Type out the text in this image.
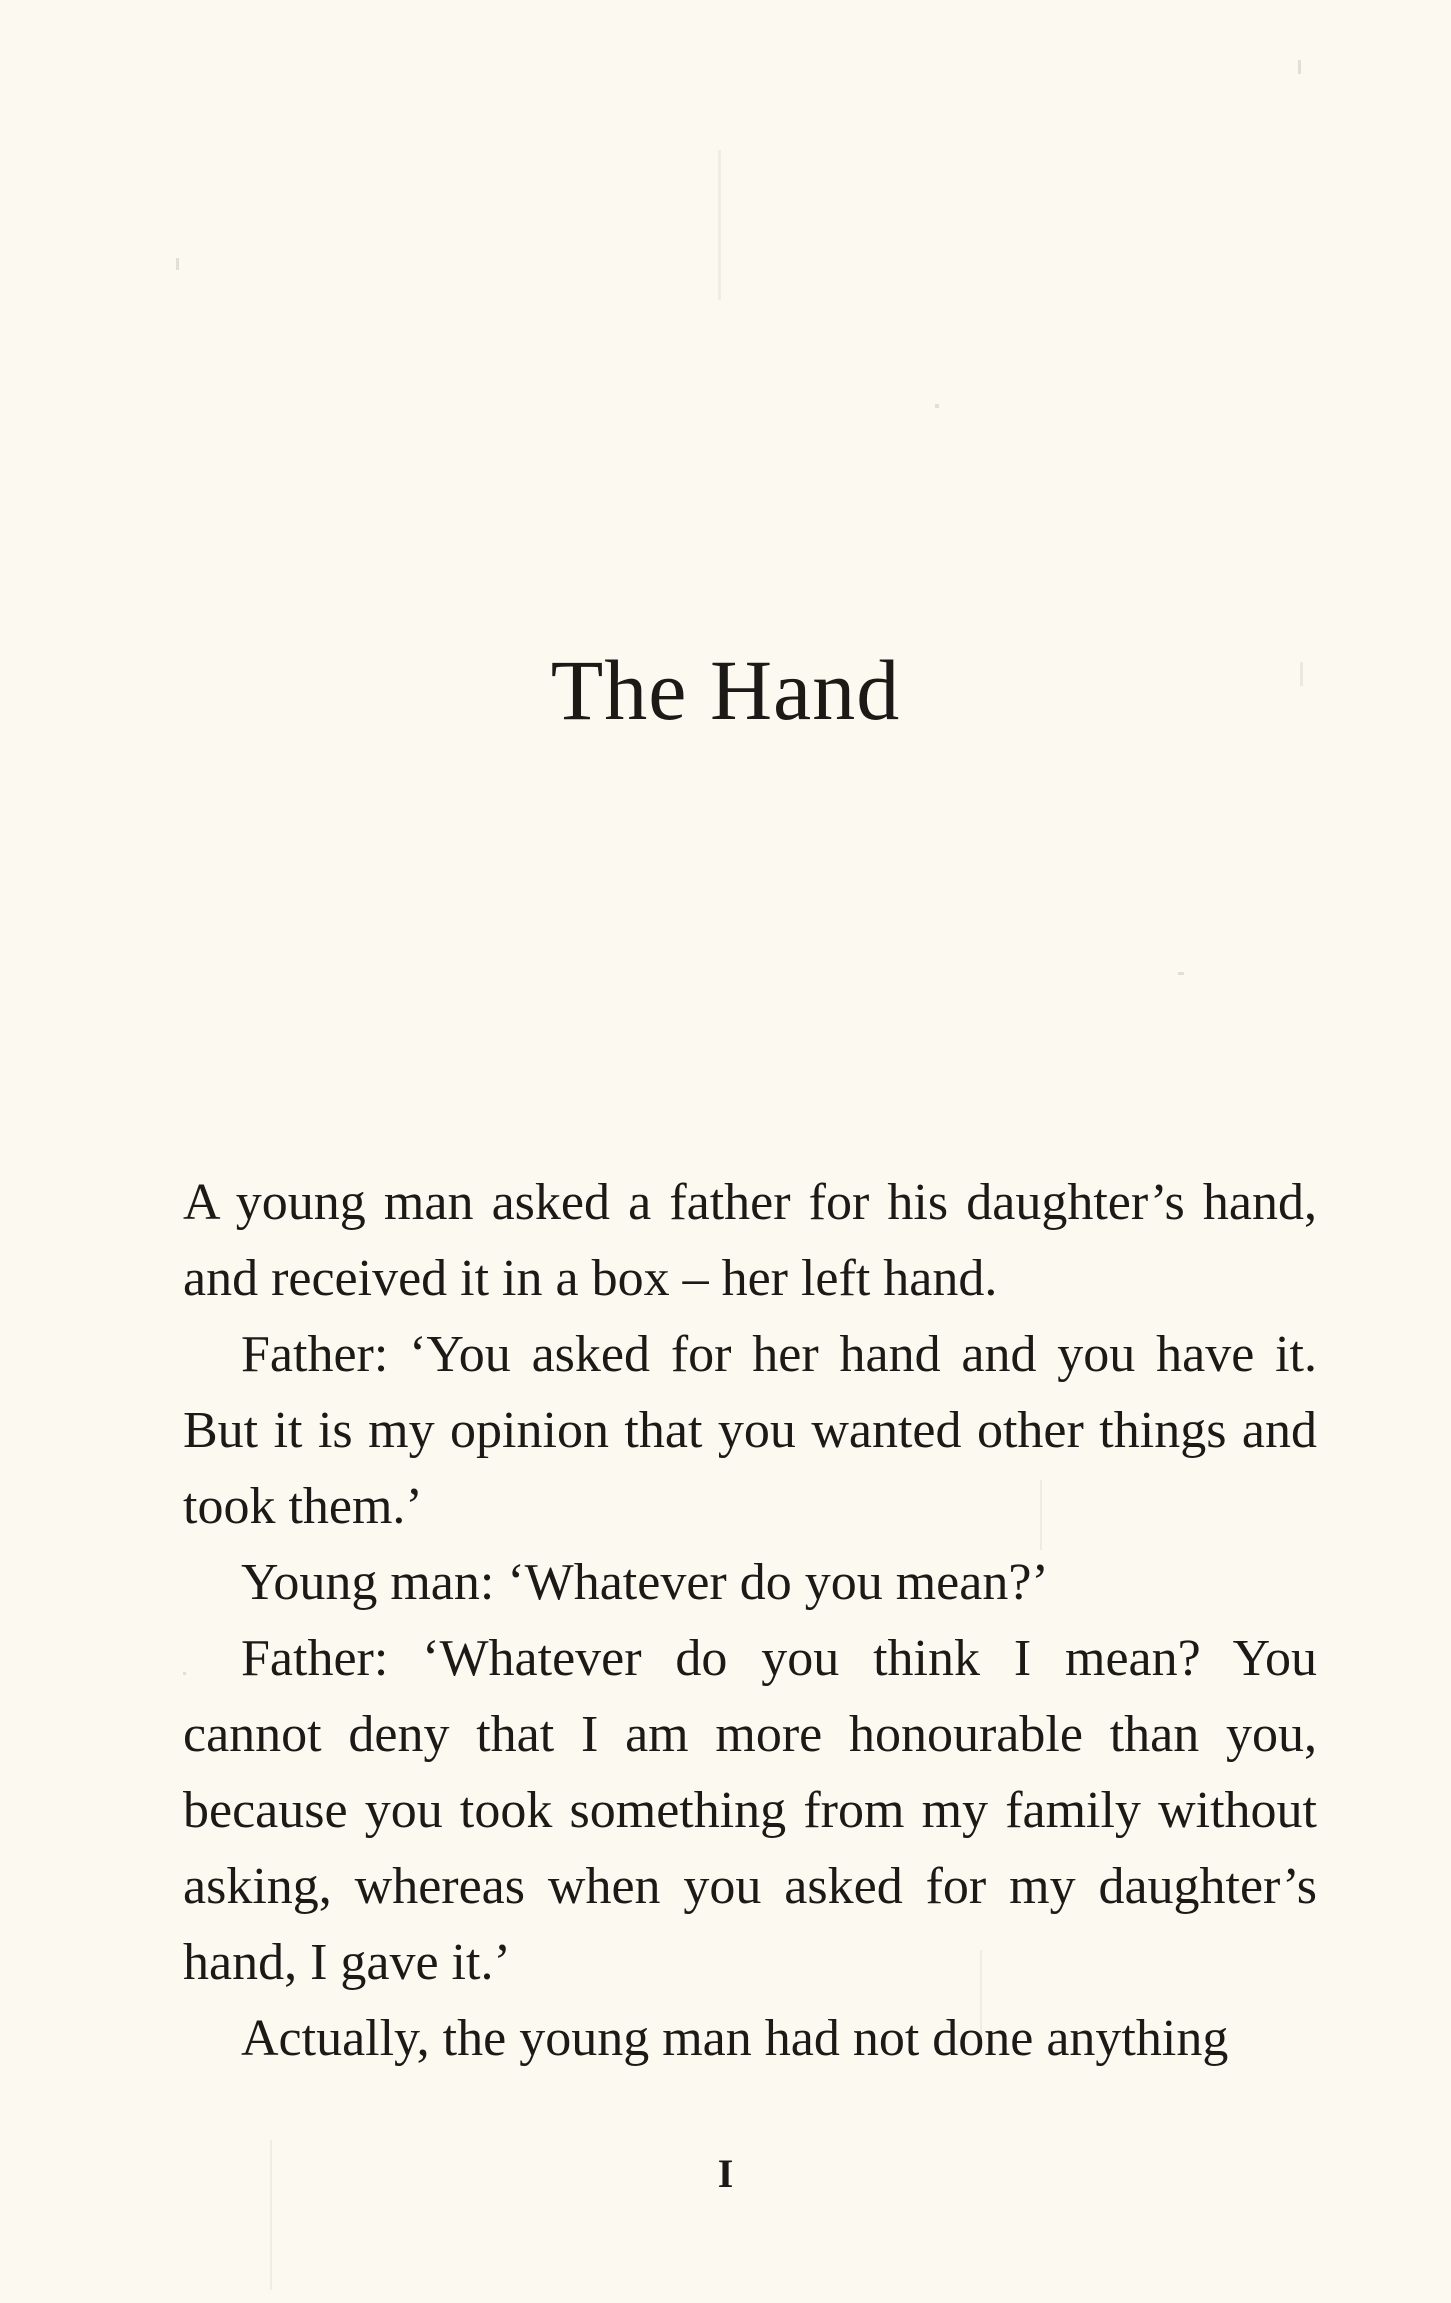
The Hand

A young man asked a father for his daughter’s hand, and received it in a box – her left hand.

Father: ‘You asked for her hand and you have it. But it is my opinion that you wanted other things and took them.’

Young man: ‘Whatever do you mean?’

Father: ‘Whatever do you think I mean? You cannot deny that I am more honourable than you, because you took something from my family without asking, whereas when you asked for my daughter’s hand, I gave it.’

Actually, the young man had not done anything

I
